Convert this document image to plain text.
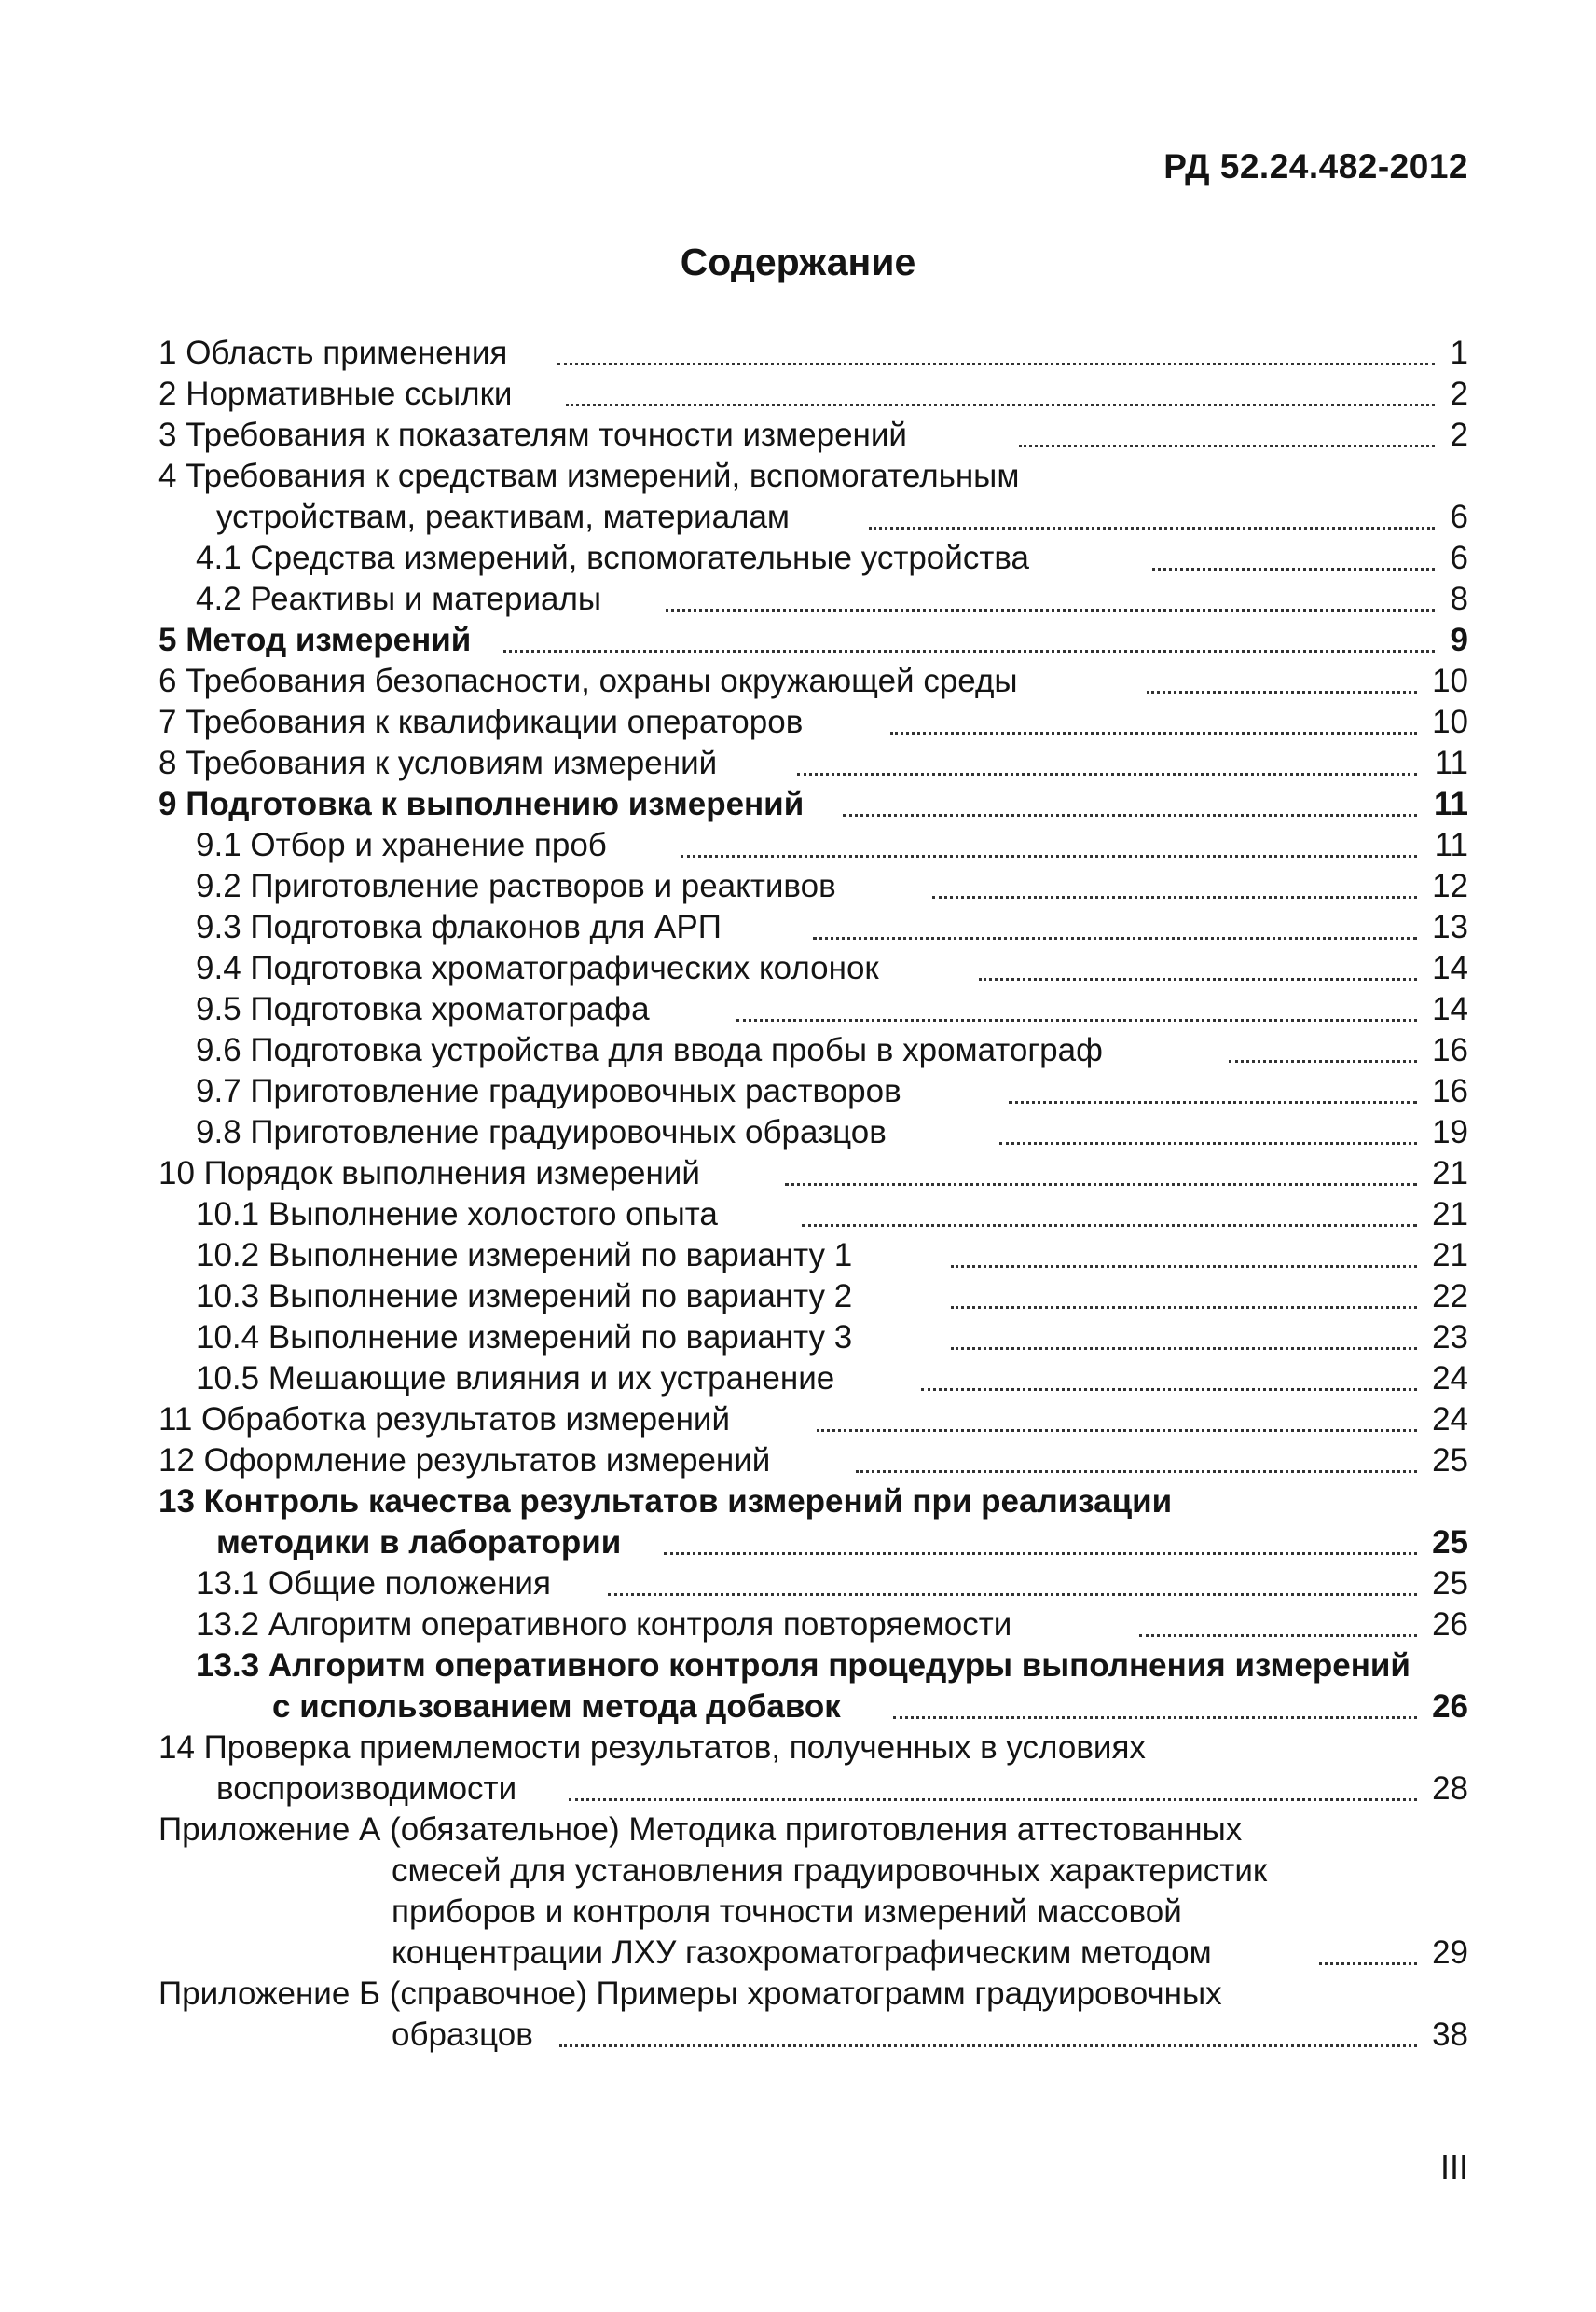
РД 52.24.482-2012
Содержание
1 Область применения	1
2 Нормативные ссылки	2
3 Требования к показателям точности измерений	2
4 Требования к средствам измерений, вспомогательным
устройствам, реактивам, материалам	6
4.1 Средства измерений, вспомогательные устройства	6
4.2 Реактивы и материалы	8
5 Метод измерений	9
6 Требования безопасности, охраны окружающей среды	10
7 Требования к квалификации операторов	10
8 Требования к условиям измерений	11
9 Подготовка к выполнению измерений	11
9.1 Отбор и хранение проб	11
9.2 Приготовление растворов и реактивов	12
9.3 Подготовка флаконов для АРП	13
9.4 Подготовка хроматографических колонок	14
9.5 Подготовка хроматографа	14
9.6 Подготовка устройства для ввода пробы в хроматограф	16
9.7 Приготовление градуировочных растворов	16
9.8 Приготовление градуировочных образцов	19
10 Порядок выполнения измерений	21
10.1 Выполнение холостого опыта	21
10.2 Выполнение измерений по варианту 1	21
10.3 Выполнение измерений по варианту 2	22
10.4 Выполнение измерений по варианту 3	23
10.5 Мешающие влияния и их устранение	24
11 Обработка результатов измерений	24
12 Оформление результатов измерений	25
13 Контроль качества результатов измерений при реализации
методики в лаборатории	25
13.1 Общие положения	25
13.2 Алгоритм оперативного контроля повторяемости	26
13.3 Алгоритм оперативного контроля процедуры выполнения измерений
с использованием метода добавок	26
14 Проверка приемлемости результатов, полученных в условиях
воспроизводимости	28
Приложение А (обязательное) Методика приготовления аттестованных
смесей для установления градуировочных характеристик
приборов и контроля точности измерений массовой
концентрации ЛХУ газохроматографическим методом	29
Приложение Б (справочное) Примеры хроматограмм градуировочных
образцов	38
III
